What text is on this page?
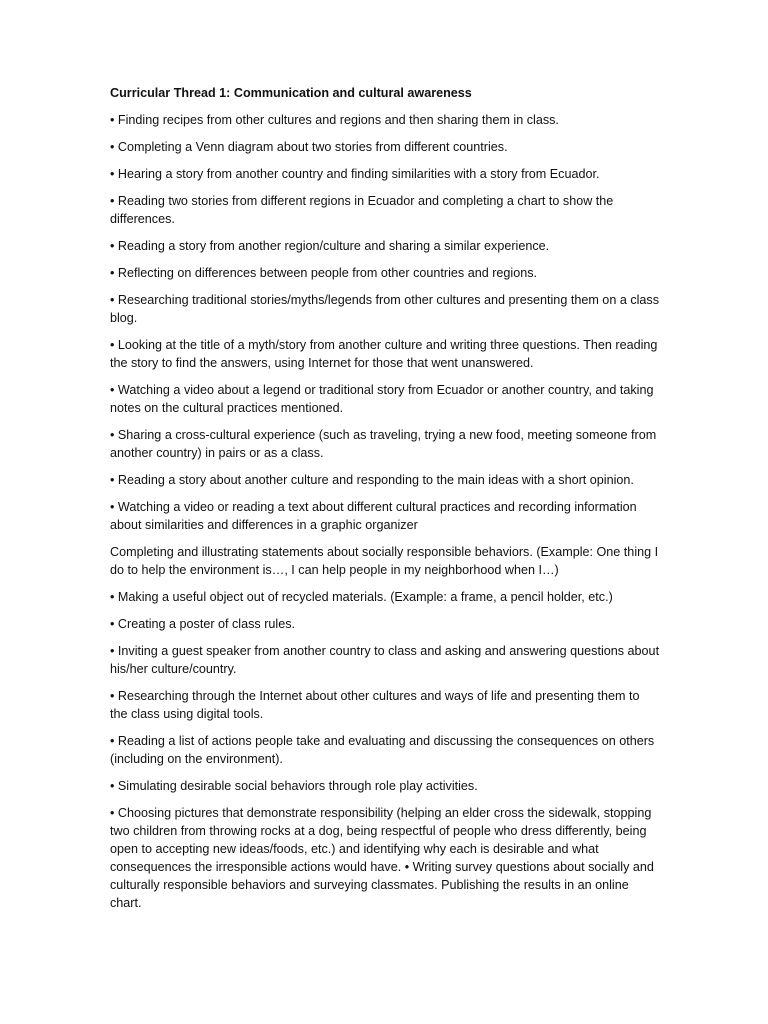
Curricular Thread 1: Communication and cultural awareness

• Finding recipes from other cultures and regions and then sharing them in class.

• Completing a Venn diagram about two stories from different countries.

• Hearing a story from another country and finding similarities with a story from Ecuador.

• Reading two stories from different regions in Ecuador and completing a chart to show the differences.

• Reading a story from another region/culture and sharing a similar experience.

• Reflecting on differences between people from other countries and regions.

• Researching traditional stories/myths/legends from other cultures and presenting them on a class blog.

• Looking at the title of a myth/story from another culture and writing three questions. Then reading the story to find the answers, using Internet for those that went unanswered.

• Watching a video about a legend or traditional story from Ecuador or another country, and taking notes on the cultural practices mentioned.

• Sharing a cross-cultural experience (such as traveling, trying a new food, meeting someone from another country) in pairs or as a class.

• Reading a story about another culture and responding to the main ideas with a short opinion.

• Watching a video or reading a text about different cultural practices and recording information about similarities and differences in a graphic organizer

Completing and illustrating statements about socially responsible behaviors. (Example: One thing I do to help the environment is…, I can help people in my neighborhood when I…)

• Making a useful object out of recycled materials. (Example: a frame, a pencil holder, etc.)

• Creating a poster of class rules.

• Inviting a guest speaker from another country to class and asking and answering questions about his/her culture/country.

• Researching through the Internet about other cultures and ways of life and presenting them to the class using digital tools.

• Reading a list of actions people take and evaluating and discussing the consequences on others (including on the environment).

• Simulating desirable social behaviors through role play activities.

• Choosing pictures that demonstrate responsibility (helping an elder cross the sidewalk, stopping two children from throwing rocks at a dog, being respectful of people who dress differently, being open to accepting new ideas/foods, etc.) and identifying why each is desirable and what consequences the irresponsible actions would have. • Writing survey questions about socially and culturally responsible behaviors and surveying classmates. Publishing the results in an online chart.
